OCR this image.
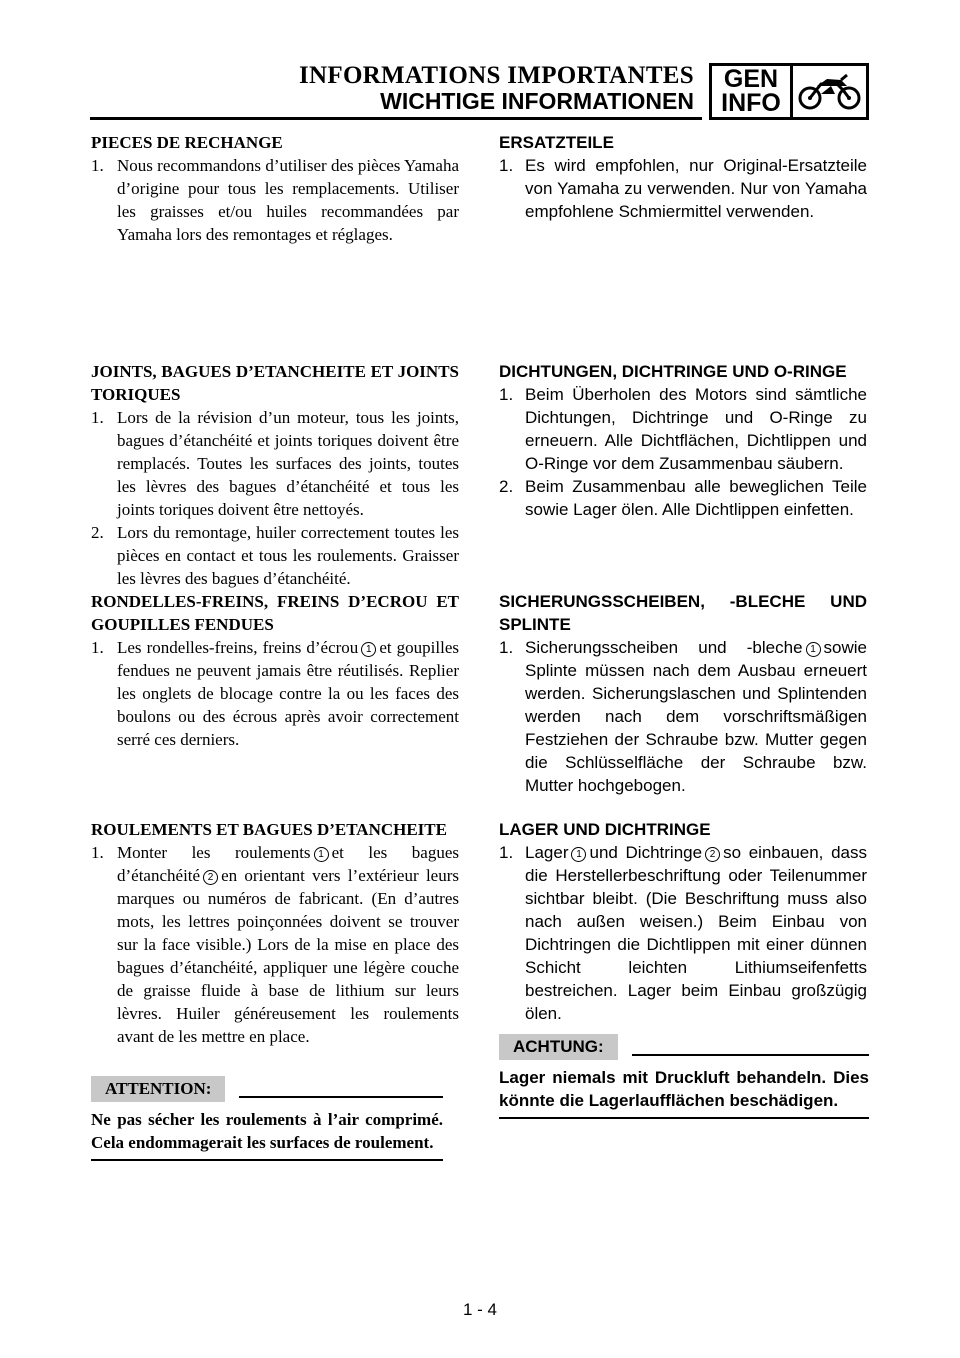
INFORMATIONS IMPORTANTES
WICHTIGE INFORMATIONEN
GEN
INFO
PIECES DE RECHANGE
1. Nous recommandons d’utiliser des pièces Yamaha d’origine pour tous les remplacements. Utiliser les graisses et/ou huiles recommandées par Yamaha lors des remontages et réglages.
JOINTS, BAGUES D’ETANCHEITE ET JOINTS TORIQUES
1. Lors de la révision d’un moteur, tous les joints, bagues d’étanchéité et joints toriques doivent être remplacés. Toutes les surfaces des joints, toutes les lèvres des bagues d’étanchéité et tous les joints toriques doivent être nettoyés.
2. Lors du remontage, huiler correctement toutes les pièces en contact et tous les roulements. Graisser les lèvres des bagues d’étanchéité.
RONDELLES-FREINS, FREINS D’ECROU ET GOUPILLES FENDUES
1. Les rondelles-freins, freins d’écrou 1 et goupilles fendues ne peuvent jamais être réutilisés. Replier les onglets de blocage contre la ou les faces des boulons ou des écrous après avoir correctement serré ces derniers.
ROULEMENTS ET BAGUES D’ETANCHEITE
1. Monter les roulements 1 et les bagues d’étanchéité 2 en orientant vers l’extérieur leurs marques ou numéros de fabricant. (En d’autres mots, les lettres poinçonnées doivent se trouver sur la face visible.) Lors de la mise en place des bagues d’étanchéité, appliquer une légère couche de graisse fluide à base de lithium sur leurs lèvres. Huiler généreusement les roulements avant de les mettre en place.
ATTENTION:
Ne pas sécher les roulements à l’air comprimé. Cela endommagerait les surfaces de roulement.
ERSATZTEILE
1. Es wird empfohlen, nur Original-Ersatzteile von Yamaha zu verwenden. Nur von Yamaha empfohlene Schmiermittel verwenden.
DICHTUNGEN, DICHTRINGE UND O-RINGE
1. Beim Überholen des Motors sind sämtliche Dichtungen, Dichtringe und O-Ringe zu erneuern. Alle Dichtflächen, Dichtlippen und O-Ringe vor dem Zusammenbau säubern.
2. Beim Zusammenbau alle beweglichen Teile sowie Lager ölen. Alle Dichtlippen einfetten.
SICHERUNGSSCHEIBEN, -BLECHE UND SPLINTE
1. Sicherungsscheiben und -bleche 1 sowie Splinte müssen nach dem Ausbau erneuert werden. Sicherungslaschen und Splintenden werden nach dem vorschriftsmäßigen Festziehen der Schraube bzw. Mutter gegen die Schlüsselfläche der Schraube bzw. Mutter hochgebogen.
LAGER UND DICHTRINGE
1. Lager 1 und Dichtringe 2 so einbauen, dass die Herstellerbeschriftung oder Teilenummer sichtbar bleibt. (Die Beschriftung muss also nach außen weisen.) Beim Einbau von Dichtringen die Dichtlippen mit einer dünnen Schicht leichten Lithiumseifenfetts bestreichen. Lager beim Einbau großzügig ölen.
ACHTUNG:
Lager niemals mit Druckluft behandeln. Dies könnte die Lagerlaufflächen beschädigen.
1 - 4
